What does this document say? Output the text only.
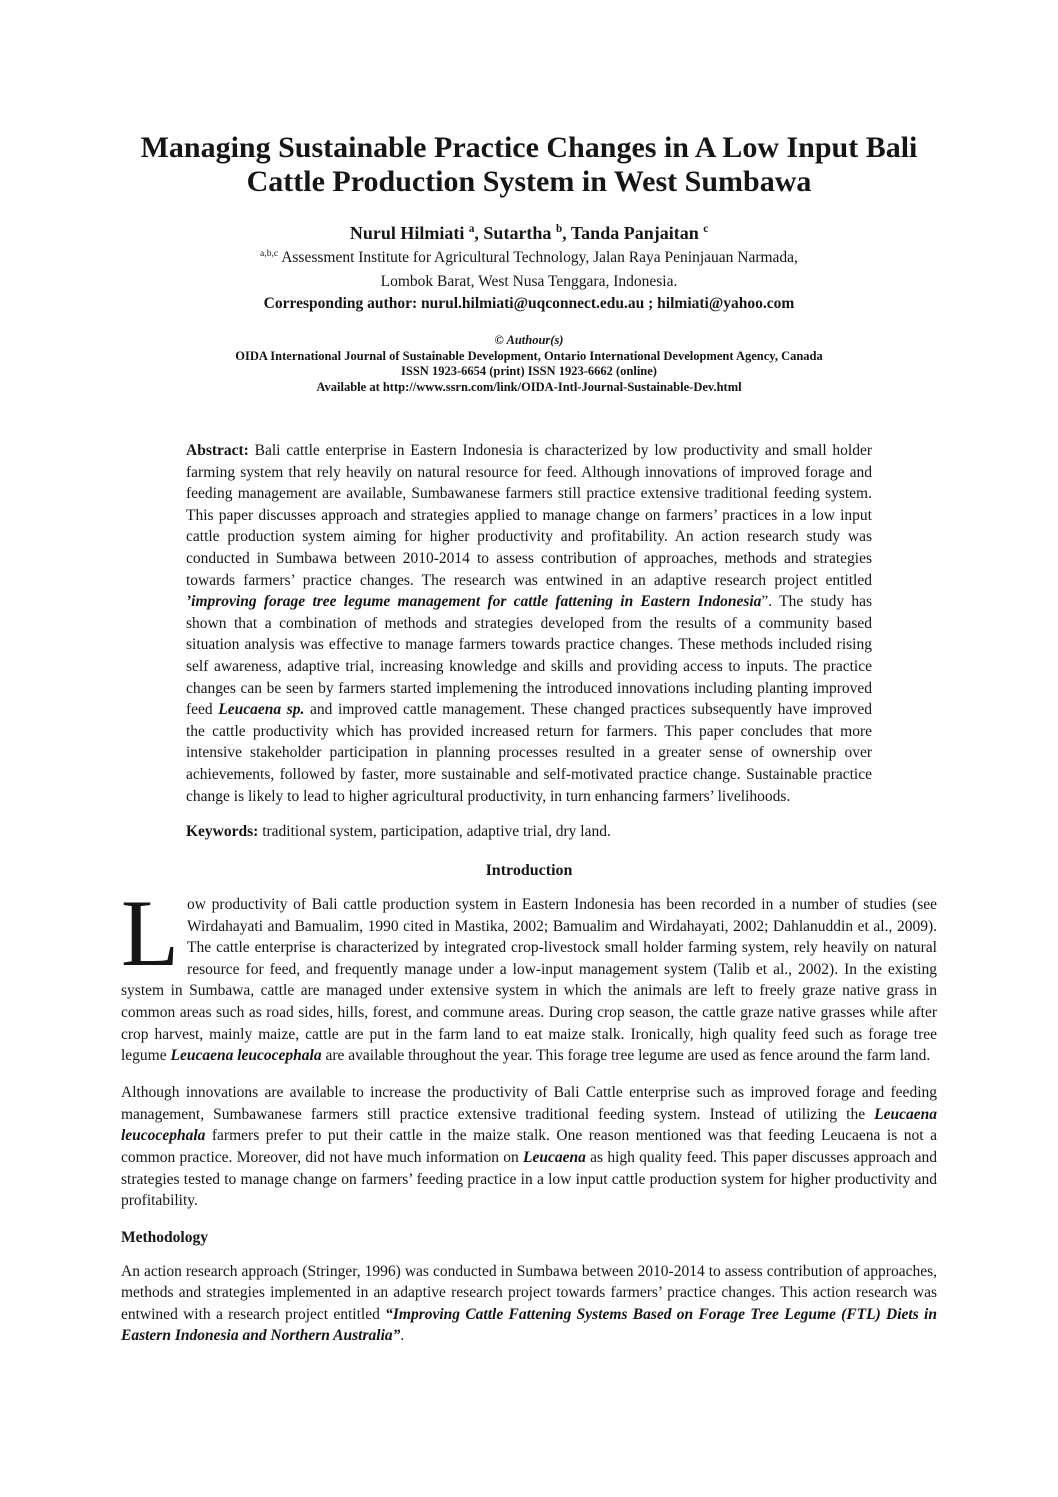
Managing Sustainable Practice Changes in A Low Input Bali Cattle Production System in West Sumbawa
Nurul Hilmiati $^a$, Sutartha $^b$, Tanda Panjaitan $^c$
$^{a,b,c}$ Assessment Institute for Agricultural Technology, Jalan Raya Peninjauan Narmada,
Lombok Barat, West Nusa Tenggara, Indonesia.
Corresponding author: nurul.hilmiati@uqconnect.edu.au ; hilmiati@yahoo.com
© Authour(s)
OIDA International Journal of Sustainable Development, Ontario International Development Agency, Canada
ISSN 1923-6654 (print) ISSN 1923-6662 (online)
Available at http://www.ssrn.com/link/OIDA-Intl-Journal-Sustainable-Dev.html

Abstract: Bali cattle enterprise in Eastern Indonesia is characterized by low productivity and small holder farming system that rely heavily on natural resource for feed. Although innovations of improved forage and feeding management are available, Sumbawanese farmers still practice extensive traditional feeding system. This paper discusses approach and strategies applied to manage change on farmers’ practices in a low input cattle production system aiming for higher productivity and profitability. An action research study was conducted in Sumbawa between 2010-2014 to assess contribution of approaches, methods and strategies towards farmers’ practice changes. The research was entwined in an adaptive research project entitled ’improving forage tree legume management for cattle fattening in Eastern Indonesia”. The study has shown that a combination of methods and strategies developed from the results of a community based situation analysis was effective to manage farmers towards practice changes. These methods included rising self awareness, adaptive trial, increasing knowledge and skills and providing access to inputs. The practice changes can be seen by farmers started implemening the introduced innovations including planting improved feed Leucaena sp. and improved cattle management. These changed practices subsequently have improved the cattle productivity which has provided increased return for farmers. This paper concludes that more intensive stakeholder participation in planning processes resulted in a greater sense of ownership over achievements, followed by faster, more sustainable and self-motivated practice change. Sustainable practice change is likely to lead to higher agricultural productivity, in turn enhancing farmers’ livelihoods.

Keywords: traditional system, participation, adaptive trial, dry land.

Introduction

Low productivity of Bali cattle production system in Eastern Indonesia has been recorded in a number of studies (see Wirdahayati and Bamualim, 1990 cited in Mastika, 2002; Bamualim and Wirdahayati, 2002; Dahlanuddin et al., 2009). The cattle enterprise is characterized by integrated crop-livestock small holder farming system, rely heavily on natural resource for feed, and frequently manage under a low-input management system (Talib et al., 2002). In the existing system in Sumbawa, cattle are managed under extensive system in which the animals are left to freely graze native grass in common areas such as road sides, hills, forest, and commune areas. During crop season, the cattle graze native grasses while after crop harvest, mainly maize, cattle are put in the farm land to eat maize stalk. Ironically, high quality feed such as forage tree legume Leucaena leucocephala are available throughout the year. This forage tree legume are used as fence around the farm land.

Although innovations are available to increase the productivity of Bali Cattle enterprise such as improved forage and feeding management, Sumbawanese farmers still practice extensive traditional feeding system. Instead of utilizing the Leucaena leucocephala farmers prefer to put their cattle in the maize stalk. One reason mentioned was that feeding Leucaena is not a common practice. Moreover, did not have much information on Leucaena as high quality feed. This paper discusses approach and strategies tested to manage change on farmers’ feeding practice in a low input cattle production system for higher productivity and profitability.

Methodology

An action research approach (Stringer, 1996) was conducted in Sumbawa between 2010-2014 to assess contribution of approaches, methods and strategies implemented in an adaptive research project towards farmers’ practice changes. This action research was entwined with a research project entitled “Improving Cattle Fattening Systems Based on Forage Tree Legume (FTL) Diets in Eastern Indonesia and Northern Australia”.
